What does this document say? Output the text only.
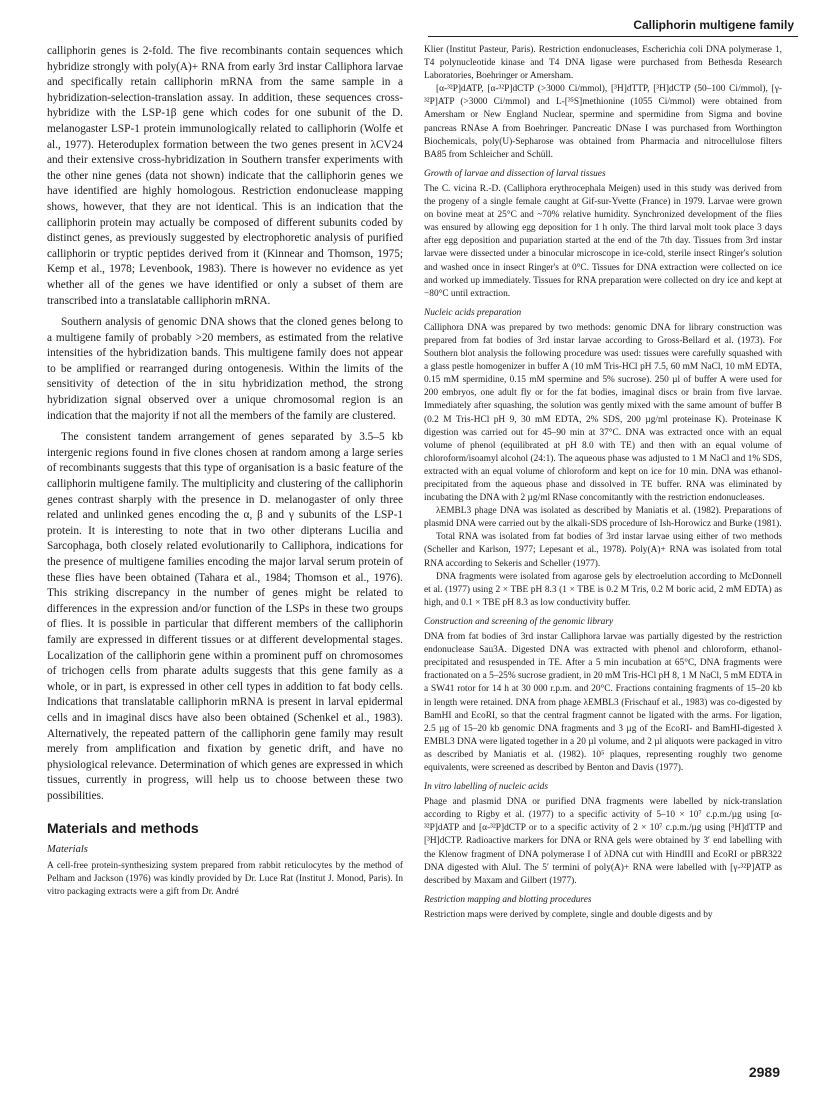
Calliphorin multigene family

calliphorin genes is 2-fold. The five recombinants contain sequences which hybridize strongly with poly(A)+ RNA from early 3rd instar Calliphora larvae and specifically retain calliphorin mRNA from the same sample in a hybridization-selection-translation assay. In addition, these sequences cross-hybridize with the LSP-1β gene which codes for one subunit of the D. melanogaster LSP-1 protein immunologically related to calliphorin (Wolfe et al., 1977). Heteroduplex formation between the two genes present in λCV24 and their extensive cross-hybridization in Southern transfer experiments with the other nine genes (data not shown) indicate that the calliphorin genes we have identified are highly homologous. Restriction endonuclease mapping shows, however, that they are not identical. This is an indication that the calliphorin protein may actually be composed of different subunits coded by distinct genes, as previously suggested by electrophoretic analysis of purified calliphorin or tryptic peptides derived from it (Kinnear and Thomson, 1975; Kemp et al., 1978; Levenbook, 1983). There is however no evidence as yet whether all of the genes we have identified or only a subset of them are transcribed into a translatable calliphorin mRNA.

Southern analysis of genomic DNA shows that the cloned genes belong to a multigene family of probably >20 members, as estimated from the relative intensities of the hybridization bands. This multigene family does not appear to be amplified or rearranged during ontogenesis. Within the limits of the sensitivity of detection of the in situ hybridization method, the strong hybridization signal observed over a unique chromosomal region is an indication that the majority if not all the members of the family are clustered.

The consistent tandem arrangement of genes separated by 3.5–5 kb intergenic regions found in five clones chosen at random among a large series of recombinants suggests that this type of organisation is a basic feature of the calliphorin multigene family. The multiplicity and clustering of the calliphorin genes contrast sharply with the presence in D. melanogaster of only three related and unlinked genes encoding the α, β and γ subunits of the LSP-1 protein. It is interesting to note that in two other dipterans Lucilia and Sarcophaga, both closely related evolutionarily to Calliphora, indications for the presence of multigene families encoding the major larval serum protein of these flies have been obtained (Tahara et al., 1984; Thomson et al., 1976). This striking discrepancy in the number of genes might be related to differences in the expression and/or function of the LSPs in these two groups of flies. It is possible in particular that different members of the calliphorin family are expressed in different tissues or at different developmental stages. Localization of the calliphorin gene within a prominent puff on chromosomes of trichogen cells from pharate adults suggests that this gene family as a whole, or in part, is expressed in other cell types in addition to fat body cells. Indications that translatable calliphorin mRNA is present in larval epidermal cells and in imaginal discs have also been obtained (Schenkel et al., 1983). Alternatively, the repeated pattern of the calliphorin gene family may result merely from amplification and fixation by genetic drift, and have no physiological relevance. Determination of which genes are expressed in which tissues, currently in progress, will help us to choose between these two possibilities.

Materials and methods
Materials

A cell-free protein-synthesizing system prepared from rabbit reticulocytes by the method of Pelham and Jackson (1976) was kindly provided by Dr. Luce Rat (Institut J. Monod, Paris). In vitro packaging extracts were a gift from Dr. André

Klier (Institut Pasteur, Paris). Restriction endonucleases, Escherichia coli DNA polymerase 1, T4 polynucleotide kinase and T4 DNA ligase were purchased from Bethesda Research Laboratories, Boehringer or Amersham.

[α-³²P]dATP, [α-³²P]dCTP (>3000 Ci/mmol), [³H]dTTP, [³H]dCTP (50–100 Ci/mmol), [γ-³²P]ATP (>3000 Ci/mmol) and L-[³⁵S]methionine (1055 Ci/mmol) were obtained from Amersham or New England Nuclear, spermine and spermidine from Sigma and bovine pancreas RNAse A from Boehringer. Pancreatic DNase I was purchased from Worthington Biochemicals, poly(U)-Sepharose was obtained from Pharmacia and nitrocellulose filters BA85 from Schleicher and Schüll.

Growth of larvae and dissection of larval tissues

The C. vicina R.-D. (Calliphora erythrocephala Meigen) used in this study was derived from the progeny of a single female caught at Gif-sur-Yvette (France) in 1979. Larvae were grown on bovine meat at 25°C and ~70% relative humidity. Synchronized development of the flies was ensured by allowing egg deposition for 1 h only. The third larval molt took place 3 days after egg deposition and pupariation started at the end of the 7th day. Tissues from 3rd instar larvae were dissected under a binocular microscope in ice-cold, sterile insect Ringer's solution and washed once in insect Ringer's at 0°C. Tissues for DNA extraction were collected on ice and worked up immediately. Tissues for RNA preparation were collected on dry ice and kept at −80°C until extraction.

Nucleic acids preparation

Calliphora DNA was prepared by two methods: genomic DNA for library construction was prepared from fat bodies of 3rd instar larvae according to Gross-Bellard et al. (1973). For Southern blot analysis the following procedure was used: tissues were carefully squashed with a glass pestle homogenizer in buffer A (10 mM Tris-HCl pH 7.5, 60 mM NaCl, 10 mM EDTA, 0.15 mM spermidine, 0.15 mM spermine and 5% sucrose). 250 µl of buffer A were used for 200 embryos, one adult fly or for the fat bodies, imaginal discs or brain from five larvae. Immediately after squashing, the solution was gently mixed with the same amount of buffer B (0.2 M Tris-HCl pH 9, 30 mM EDTA, 2% SDS, 200 µg/ml proteinase K). Proteinase K digestion was carried out for 45–90 min at 37°C. DNA was extracted once with an equal volume of phenol (equilibrated at pH 8.0 with TE) and then with an equal volume of chloroform/isoamyl alcohol (24:1). The aqueous phase was adjusted to 1 M NaCl and 1% SDS, extracted with an equal volume of chloroform and kept on ice for 10 min. DNA was ethanol-precipitated from the aqueous phase and dissolved in TE buffer. RNA was eliminated by incubating the DNA with 2 µg/ml RNase concomitantly with the restriction endonucleases.

λEMBL3 phage DNA was isolated as described by Maniatis et al. (1982). Preparations of plasmid DNA were carried out by the alkali-SDS procedure of Ish-Horowicz and Burke (1981).

Total RNA was isolated from fat bodies of 3rd instar larvae using either of two methods (Scheller and Karlson, 1977; Lepesant et al., 1978). Poly(A)+ RNA was isolated from total RNA according to Sekeris and Scheller (1977).

DNA fragments were isolated from agarose gels by electroelution according to McDonnell et al. (1977) using 2 × TBE pH 8.3 (1 × TBE is 0.2 M Tris, 0.2 M boric acid, 2 mM EDTA) as high, and 0.1 × TBE pH 8.3 as low conductivity buffer.

Construction and screening of the genomic library

DNA from fat bodies of 3rd instar Calliphora larvae was partially digested by the restriction endonuclease Sau3A. Digested DNA was extracted with phenol and chloroform, ethanol-precipitated and resuspended in TE. After a 5 min incubation at 65°C, DNA fragments were fractionated on a 5–25% sucrose gradient, in 20 mM Tris-HCl pH 8, 1 M NaCl, 5 mM EDTA in a SW41 rotor for 14 h at 30 000 r.p.m. and 20°C. Fractions containing fragments of 15–20 kb in length were retained. DNA from phage λEMBL3 (Frischauf et al., 1983) was co-digested by BamHI and EcoRI, so that the central fragment cannot be ligated with the arms. For ligation, 2.5 µg of 15–20 kb genomic DNA fragments and 3 µg of the EcoRI- and BamHI-digested λ EMBL3 DNA were ligated together in a 20 µl volume, and 2 µl aliquots were packaged in vitro as described by Maniatis et al. (1982). 10⁵ plaques, representing roughly two genome equivalents, were screened as described by Benton and Davis (1977).

In vitro labelling of nucleic acids

Phage and plasmid DNA or purified DNA fragments were labelled by nick-translation according to Rigby et al. (1977) to a specific activity of 5–10 × 10⁷ c.p.m./µg using [α-³²P]dATP and [α-³²P]dCTP or to a specific activity of 2 × 10⁷ c.p.m./µg using [³H]dTTP and [³H]dCTP. Radioactive markers for DNA or RNA gels were obtained by 3′ end labelling with the Klenow fragment of DNA polymerase I of λDNA cut with HindIII and EcoRI or pBR322 DNA digested with AluI. The 5′ termini of poly(A)+ RNA were labelled with [γ-³²P]ATP as described by Maxam and Gilbert (1977).

Restriction mapping and blotting procedures

Restriction maps were derived by complete, single and double digests and by

2989
